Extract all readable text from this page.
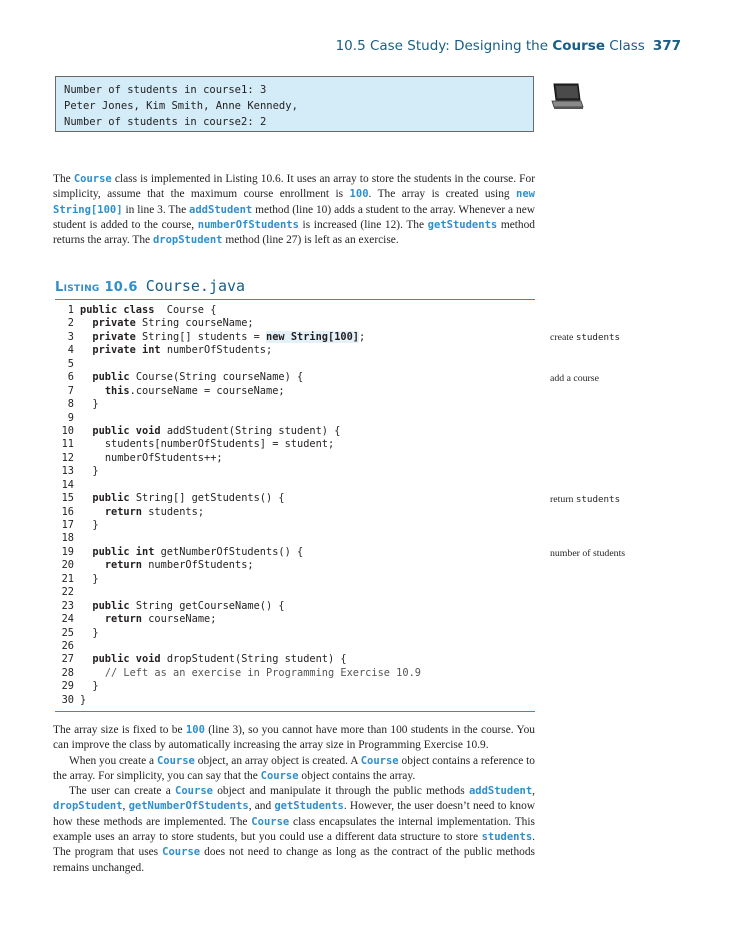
10.5 Case Study: Designing the Course Class 377
Number of students in course1: 3
Peter Jones, Kim Smith, Anne Kennedy,
Number of students in course2: 2

The Course class is implemented in Listing 10.6. It uses an array to store the students in the course. For simplicity, assume that the maximum course enrollment is 100. The array is created using new String[100] in line 3. The addStudent method (line 10) adds a student to the array. Whenever a new student is added to the course, numberOfStudents is increased (line 12). The getStudents method returns the array. The dropStudent method (line 27) is left as an exercise.

Listing 10.6 Course.java
1 public class  Course {
2 private String courseName;
3 private String[] students = new String[100];
4 private int numberOfStudents;
5
6 public Course(String courseName) {
7	this.courseName = courseName;
8 }
9
10 public void addStudent(String student) {
11	students[numberOfStudents] = student;
12	numberOfStudents++;
13 }
14
15 public String[] getStudents() {
16	return students;
17 }
18
19 public int getNumberOfStudents() {
20	return numberOfStudents;
21 }
22
23 public String getCourseName() {
24	return courseName;
25 }
26
27 public void dropStudent(String student) {
28	// Left as an exercise in Programming Exercise 10.9
29 }
30 }
create students
add a course
return students
number of students

The array size is fixed to be 100 (line 3), so you cannot have more than 100 students in the course. You can improve the class by automatically increasing the array size in Programming Exercise 10.9.

When you create a Course object, an array object is created. A Course object contains a reference to the array. For simplicity, you can say that the Course object contains the array.

The user can create a Course object and manipulate it through the public methods addStudent, dropStudent, getNumberOfStudents, and getStudents. However, the user doesn’t need to know how these methods are implemented. The Course class encapsulates the internal implementation. This example uses an array to store students, but you could use a different data structure to store students. The program that uses Course does not need to change as long as the contract of the public methods remains unchanged.
